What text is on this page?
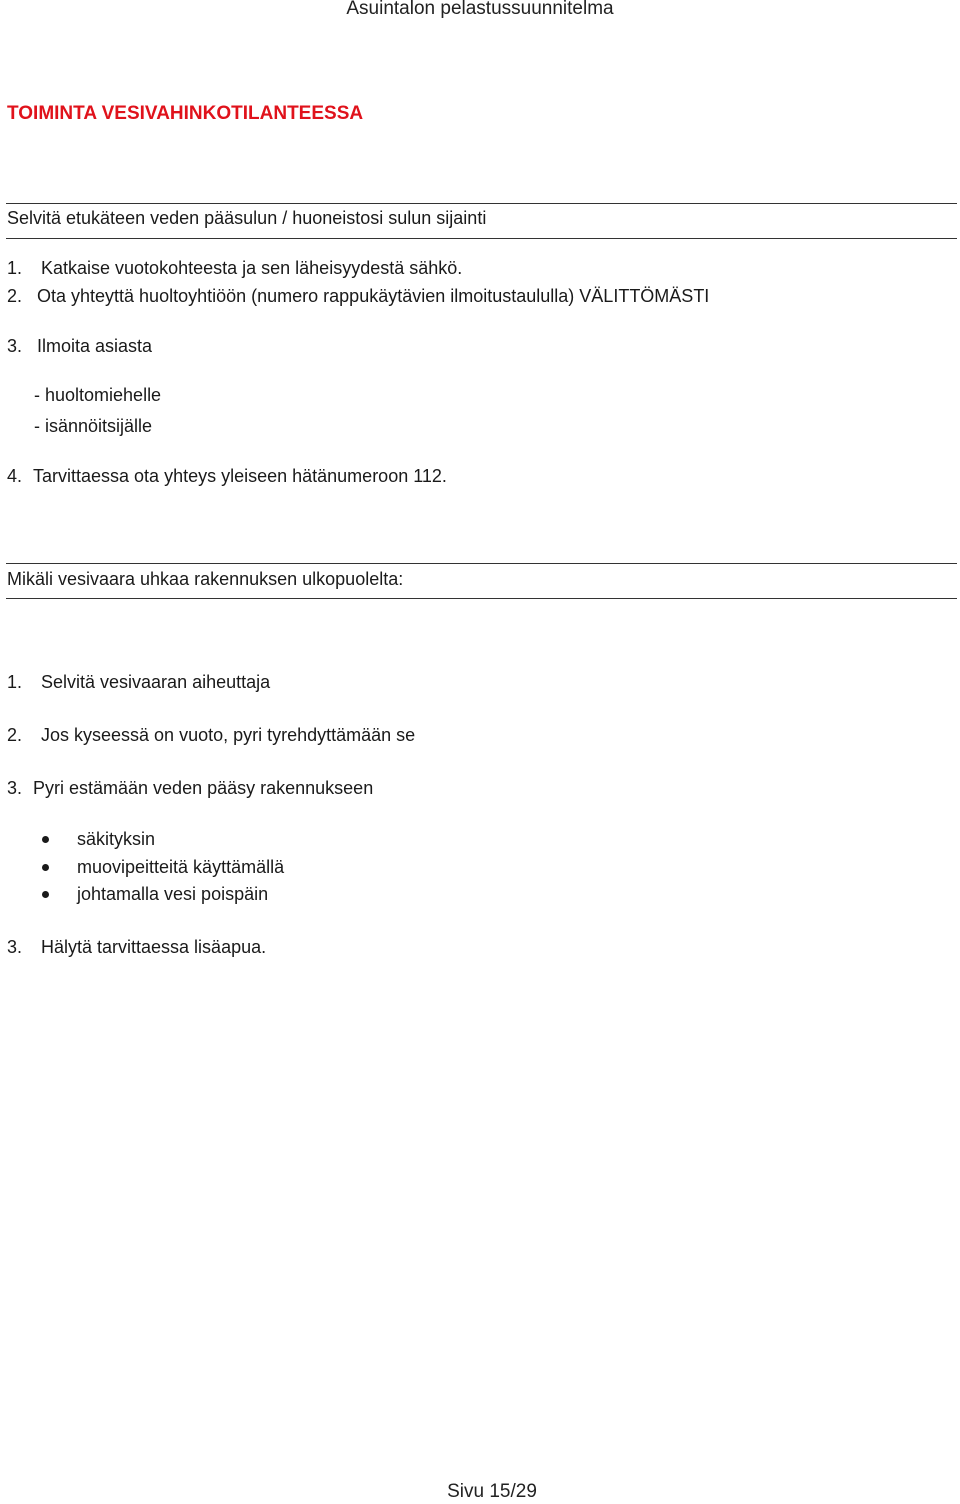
Asuintalon pelastussuunnitelma
TOIMINTA VESIVAHINKOTILANTEESSA
Selvitä etukäteen veden pääsulun / huoneistosi sulun sijainti
1. Katkaise vuotokohteesta ja sen läheisyydestä sähkö.
2. Ota yhteyttä huoltoyhtiöön (numero rappukäytävien ilmoitustaululla) VÄLITTÖMÄSTI
3. Ilmoita asiasta
- huoltomiehelle
- isännöitsijälle
4. Tarvittaessa ota yhteys yleiseen hätänumeroon 112.
Mikäli vesivaara uhkaa rakennuksen ulkopuolelta:
1. Selvitä vesivaaran aiheuttaja
2. Jos kyseessä on vuoto, pyri tyrehdyttämään se
3. Pyri estämään veden pääsy rakennukseen
säkityksin
muovipeitteitä käyttämällä
johtamalla vesi poispäin
3. Hälytä tarvittaessa lisäapua.
Sivu 15/29
